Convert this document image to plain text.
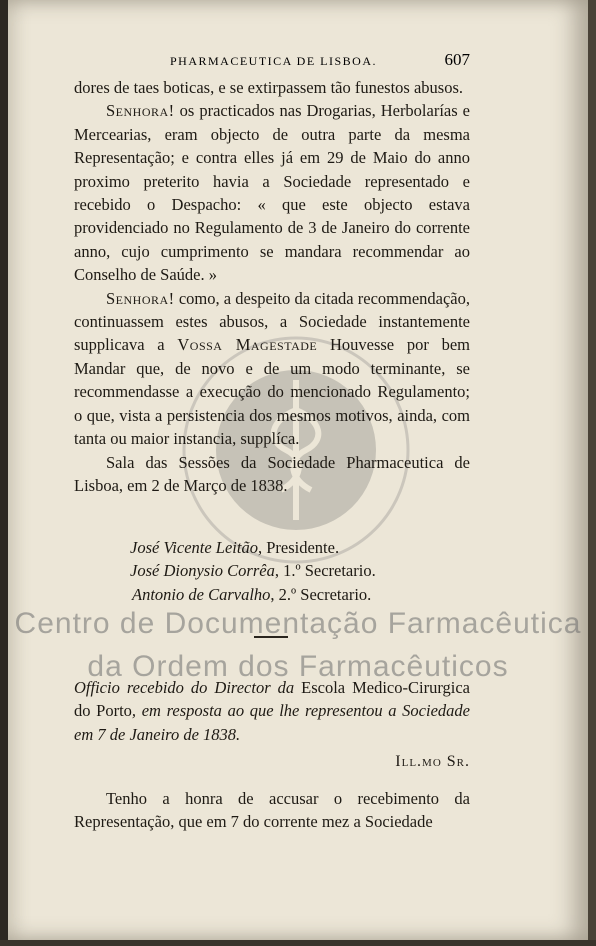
PHARMACEUTICA DE LISBOA.	607

dores de taes boticas, e se extirpassem tão funestos abusos.

Senhora! os practicados nas Drogarias, Herbolarías e Mercearias, eram objecto de outra parte da mesma Representação; e contra elles já em 29 de Maio do anno proximo preterito havia a Sociedade representado e recebido o Despacho: « que este objecto estava providenciado no Regulamento de 3 de Janeiro do corrente anno, cujo cumprimento se mandara recommendar ao Conselho de Saúde. »

Senhora! como, a despeito da citada recommendação, continuassem estes abusos, a Sociedade instantemente supplicava a Vossa Magestade Houvesse por bem Mandar que, de novo e de um modo terminante, se recommendasse a execução do mencionado Regulamento; o que, vista a persistencia dos mesmos motivos, ainda, com tanta ou maior instancia, supplíca.

Sala das Sessões da Sociedade Pharmaceutica de Lisboa, em 2 de Março de 1838.

José Vicente Leitão, Presidente.
José Dionysio Corrêa, 1.º Secretario.
Antonio de Carvalho, 2.º Secretario.
Officio recebido do Director da Escola Medico-Cirurgica do Porto, em resposta ao que lhe representou a Sociedade em 7 de Janeiro de 1838.
Ill.mo Sr.

Tenho a honra de accusar o recebimento da Representação, que em 7 do corrente mez a Sociedade

Centro de Documentação Farmacêutica
da Ordem dos Farmacêuticos
